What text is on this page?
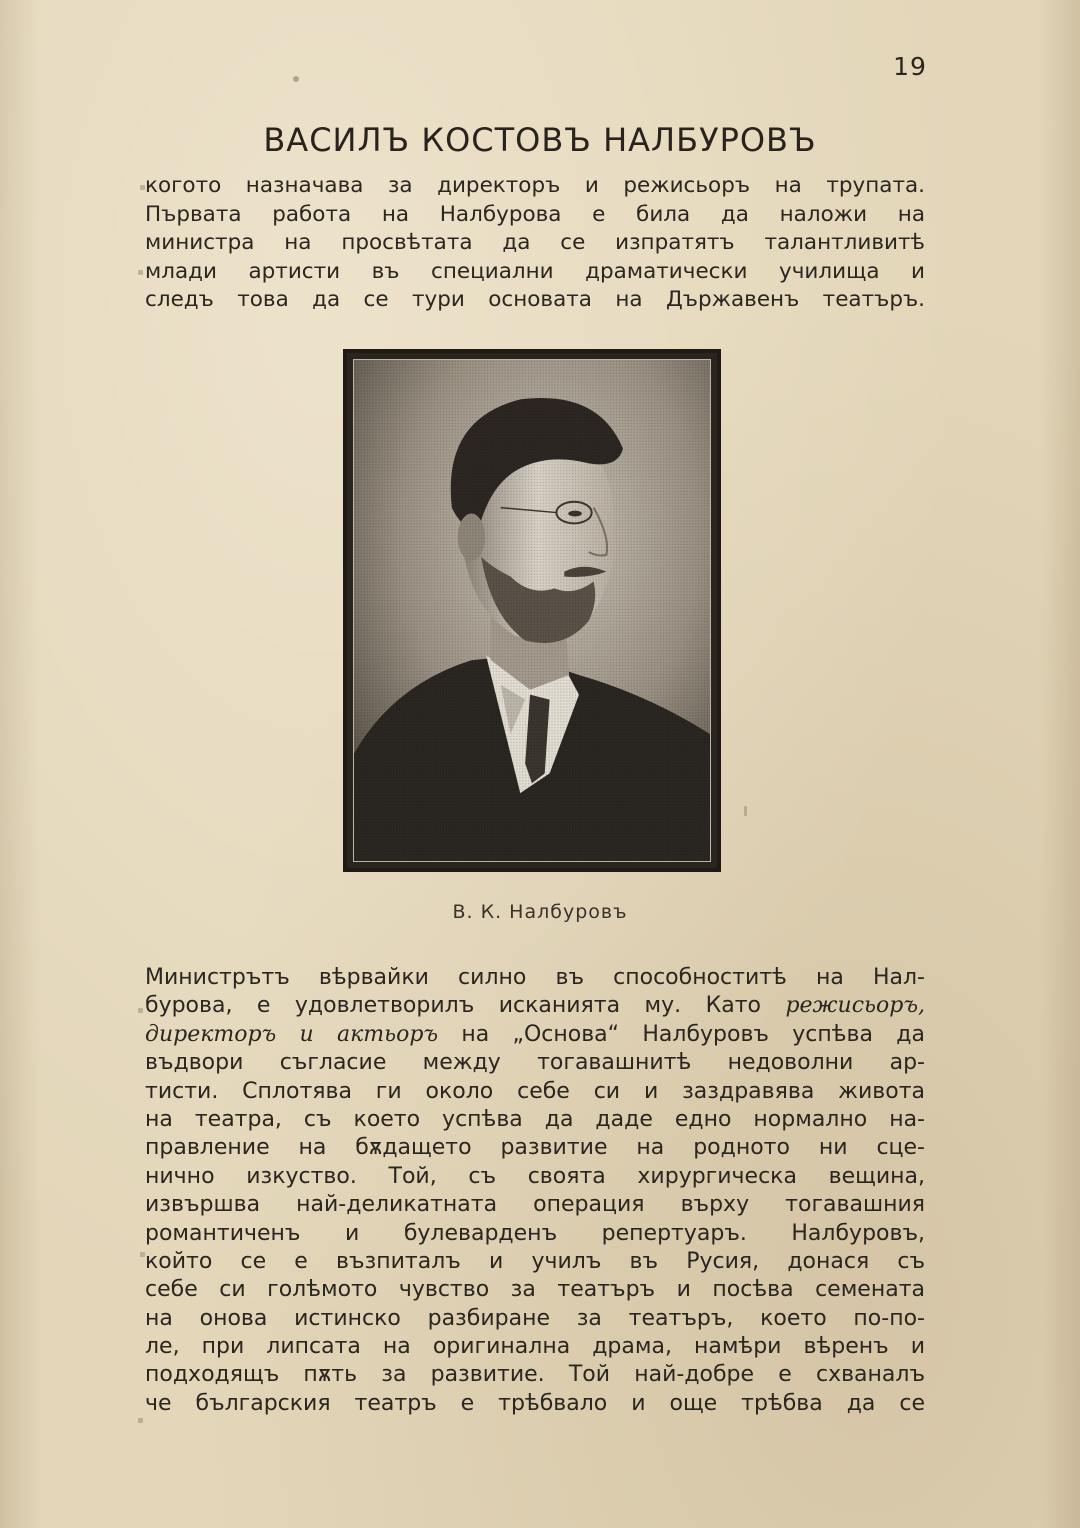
19
ВАСИЛЪ КОСТОВЪ НАЛБУРОВЪ
когото назначава за директоръ и режисьоръ на трупата.
Първата работа на Налбурова е била да наложи на
министра на просвѣтата да се изпратятъ талантливитѣ
млади артисти въ специални драматически училища и
следъ това да се тури основата на Държавенъ театъръ.
В. К. Налбуровъ
Министрътъ вѣрвайки силно въ способноститѣ на Нал-
бурова, е удовлетворилъ исканията му. Като режисьоръ,
директоръ и актьоръ на „Основа“ Налбуровъ успѣва да
въдвори съгласие между тогавашнитѣ недоволни ар-
тисти. Сплотява ги около себе си и заздравява живота
на театра, съ което успѣва да даде едно нормално на-
правление на бѫдащето развитие на родното ни сце-
нично изкуство. Той, съ своята хирургическа вещина,
извършва най-деликатната операция върху тогавашния
романтиченъ и булеварденъ репертуаръ. Налбуровъ,
който се е възпиталъ и училъ въ Русия, донася съ
себе си голѣмото чувство за театъръ и посѣва семената
на онова истинско разбиране за театъръ, което по-по-
ле, при липсата на оригинална драма, намѣри вѣренъ и
подходящъ пѫть за развитие. Той най-добре е схваналъ
че българския театръ е трѣбвало и още трѣбва да се
